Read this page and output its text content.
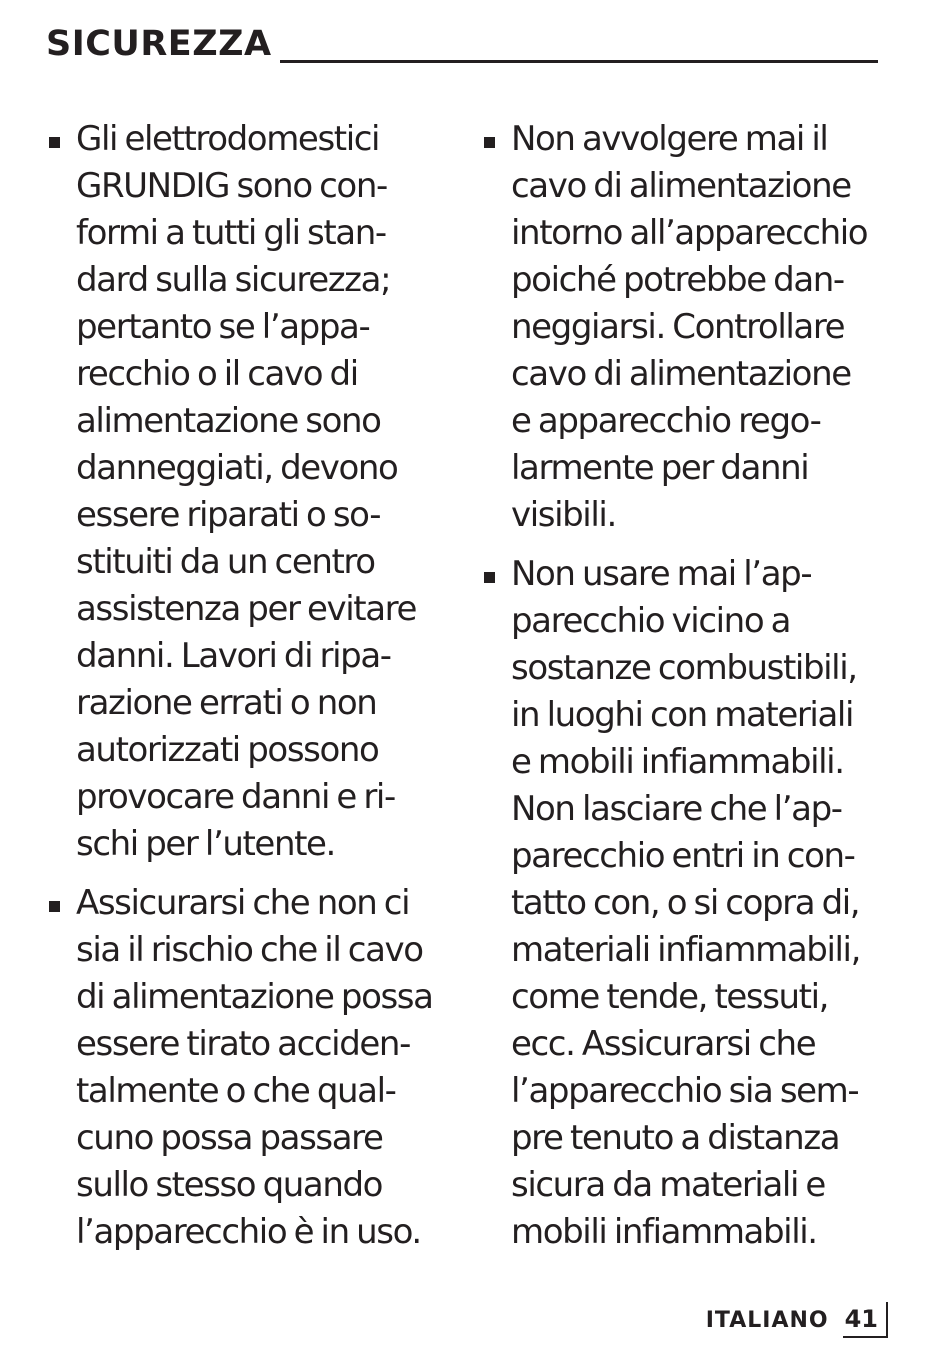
SICUREZZA

Gli elettrodomestici
GRUNDIG sono con-
formi a tutti gli stan-
dard sulla sicurezza;
pertanto se l’appa-
recchio o il cavo di
alimentazione sono
danneggiati, devono
essere riparati o so-
stituiti da un centro
assistenza per evitare
danni. Lavori di ripa-
razione errati o non
autorizzati possono
provocare danni e ri-
schi per l’utente.

Assicurarsi che non ci
sia il rischio che il cavo
di alimentazione possa
essere tirato acciden-
talmente o che qual-
cuno possa passare
sullo stesso quando
l’apparecchio è in uso.

Non avvolgere mai il
cavo di alimentazione
intorno all’apparecchio
poiché potrebbe dan-
neggiarsi. Controllare
cavo di alimentazione
e apparecchio rego-
larmente per danni
visibili.

Non usare mai l’ap-
parecchio vicino a
sostanze combustibili,
in luoghi con materiali
e mobili infiammabili.
Non lasciare che l’ap-
parecchio entri in con-
tatto con, o si copra di,
materiali infiammabili,
come tende, tessuti,
ecc. Assicurarsi che
l’apparecchio sia sem-
pre tenuto a distanza
sicura da materiali e
mobili infiammabili.

ITALIANO 41
